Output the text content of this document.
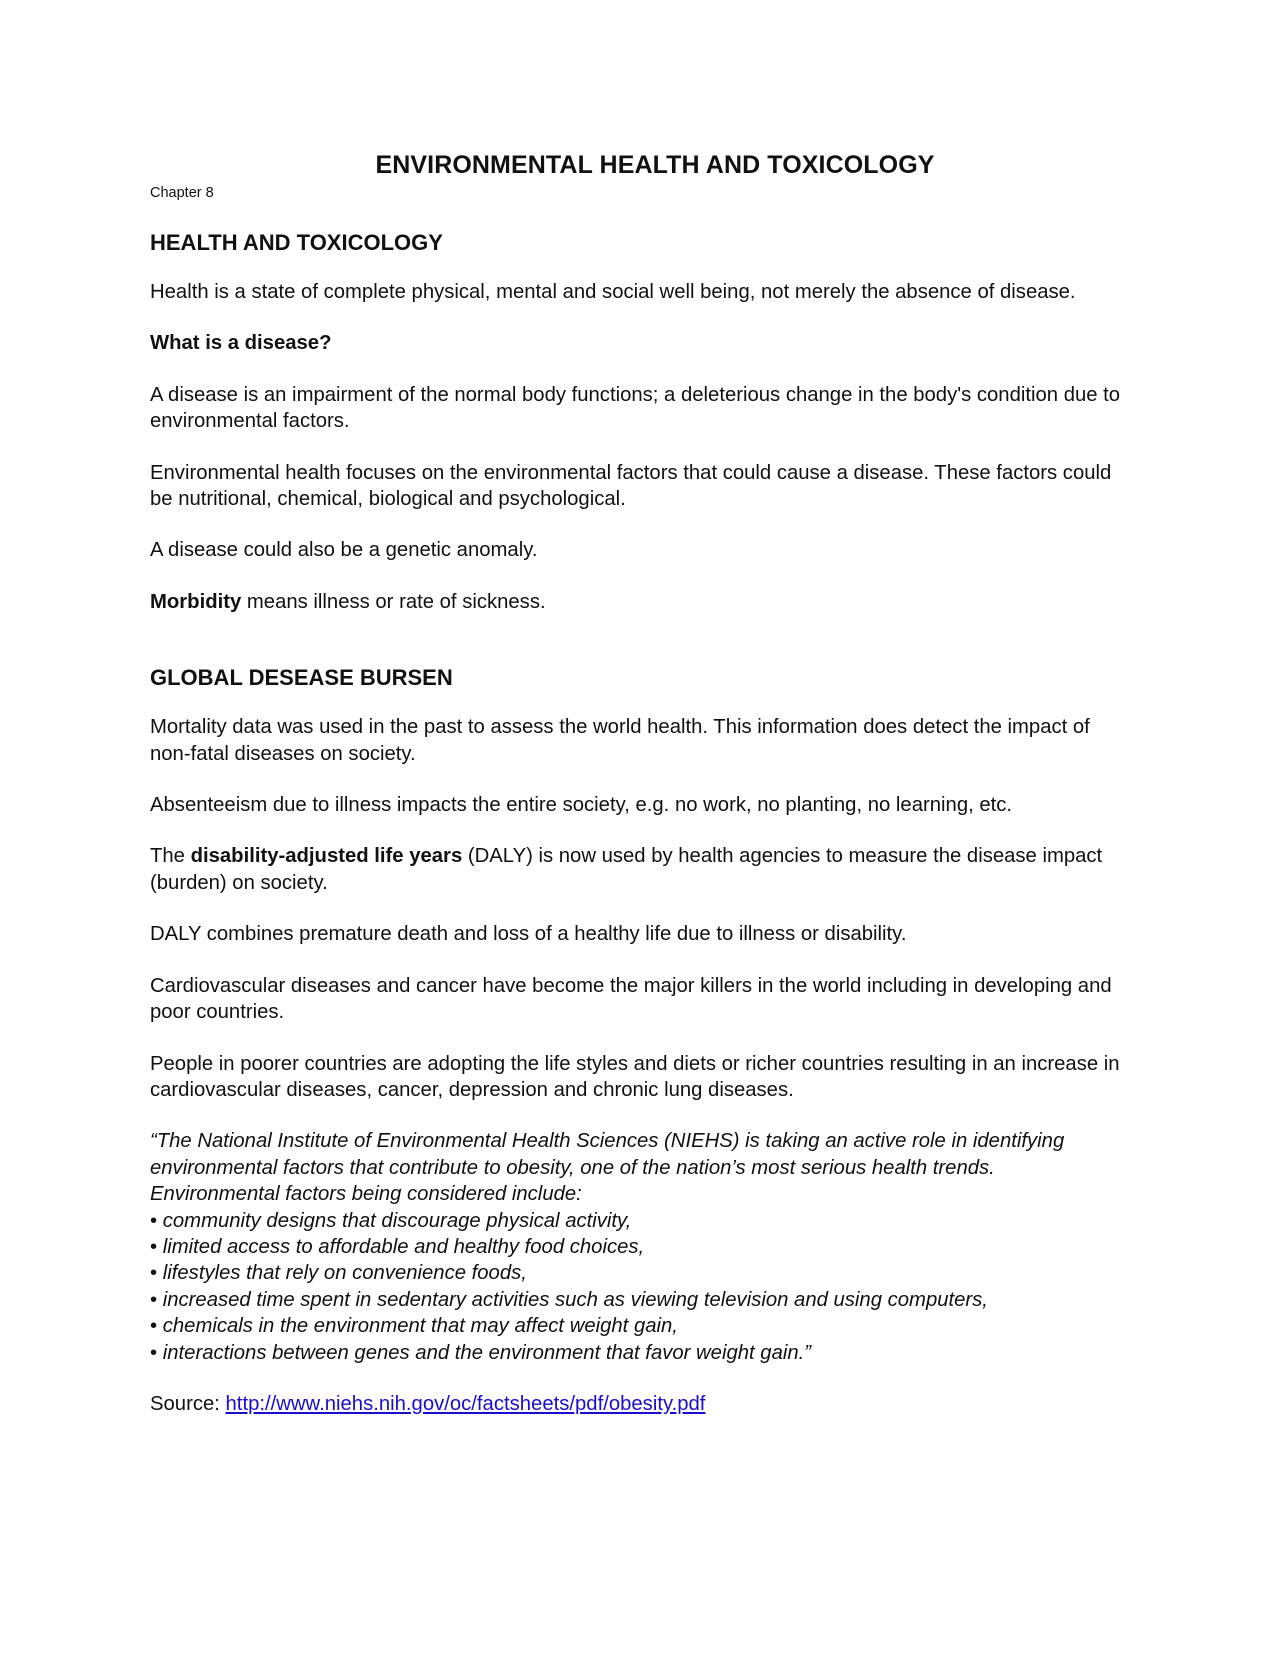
ENVIRONMENTAL HEALTH AND TOXICOLOGY
Chapter 8
HEALTH AND TOXICOLOGY

Health is a state of complete physical, mental and social well being, not merely the absence of disease.

What is a disease?

A disease is an impairment of the normal body functions; a deleterious change in the body's condition due to environmental factors.

Environmental health focuses on the environmental factors that could cause a disease. These factors could be nutritional, chemical, biological and psychological.

A disease could also be a genetic anomaly.

Morbidity means illness or rate of sickness.

GLOBAL DESEASE BURSEN

Mortality data was used in the past to assess the world health. This information does detect the impact of non-fatal diseases on society.

Absenteeism due to illness impacts the entire society, e.g. no work, no planting, no learning, etc.

The disability-adjusted life years (DALY) is now used by health agencies to measure the disease impact (burden) on society.

DALY combines premature death and loss of a healthy life due to illness or disability.

Cardiovascular diseases and cancer have become the major killers in the world including in developing and poor countries.

People in poorer countries are adopting the life styles and diets or richer countries resulting in an increase in cardiovascular diseases, cancer, depression and chronic lung diseases.

“The National Institute of Environmental Health Sciences (NIEHS) is taking an active role in identifying environmental factors that contribute to obesity, one of the nation’s most serious health trends. Environmental factors being considered include:

• community designs that discourage physical activity,
• limited access to affordable and healthy food choices,
• lifestyles that rely on convenience foods,
• increased time spent in sedentary activities such as viewing television and using computers,
• chemicals in the environment that may affect weight gain,
• interactions between genes and the environment that favor weight gain.”

Source: http://www.niehs.nih.gov/oc/factsheets/pdf/obesity.pdf
